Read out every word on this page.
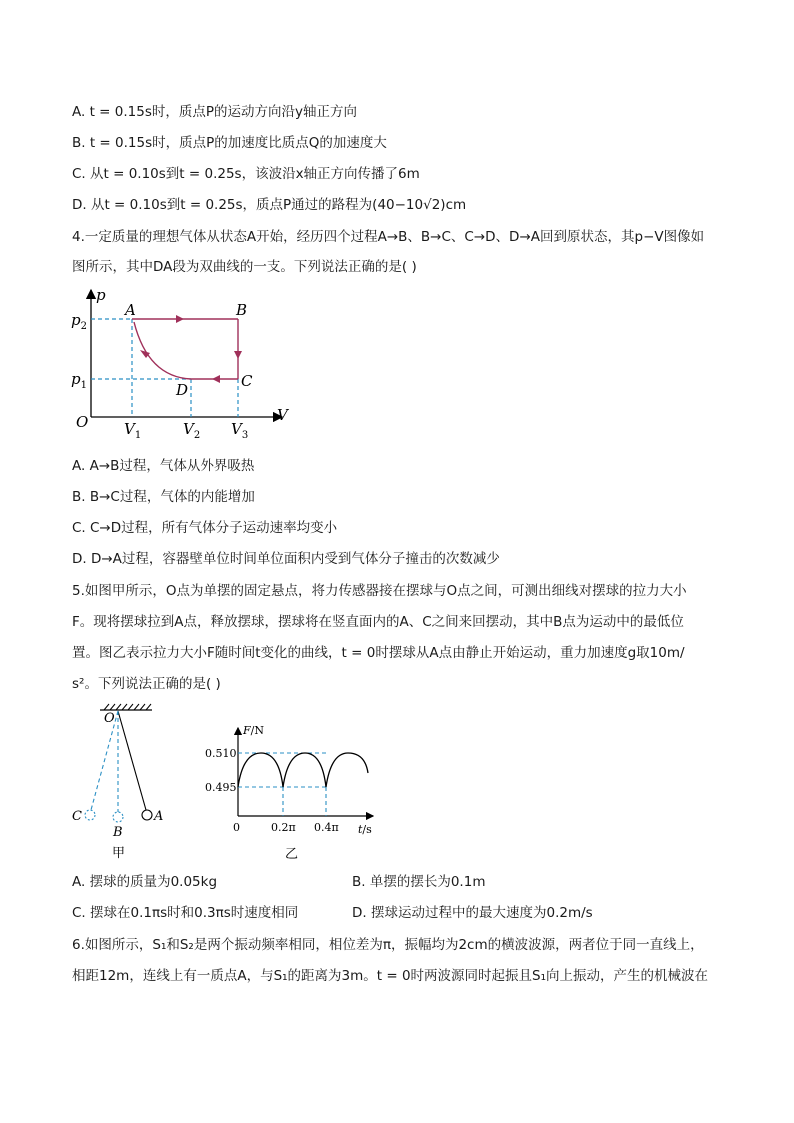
A. t = 0.15s时，质点P的运动方向沿y轴正方向
B. t = 0.15s时，质点P的加速度比质点Q的加速度大
C. 从t = 0.10s到t = 0.25s，该波沿x轴正方向传播了6m
D. 从t = 0.10s到t = 0.25s，质点P通过的路程为(40−10√2)cm
4.一定质量的理想气体从状态A开始，经历四个过程A→B、B→C、C→D、D→A回到原状态，其p−V图像如
图所示，其中DA段为双曲线的一支。下列说法正确的是( )
p
V
O
$p_2$
$p_1$
$V_1$	$V_2$ $V_3$
A	B
C
D
A. A→B过程，气体从外界吸热
B. B→C过程，气体的内能增加
C. C→D过程，所有气体分子运动速率均变小
D. D→A过程，容器壁单位时间单位面积内受到气体分子撞击的次数减少
5.如图甲所示，O点为单摆的固定悬点，将力传感器接在摆球与O点之间，可测出细线对摆球的拉力大小
F。现将摆球拉到A点，释放摆球，摆球将在竖直面内的A、C之间来回摆动，其中B点为运动中的最低位
置。图乙表示拉力大小F随时间t变化的曲线，t = 0时摆球从A点由静止开始运动，重力加速度g取10m/
s²。下列说法正确的是( )
O
A
B
C
甲
F/N
0.510
0.495
0	0.2π 0.4π t/s
乙
A. 摆球的质量为0.05kg	B. 单摆的摆长为0.1m
C. 摆球在0.1πs时和0.3πs时速度相同	D. 摆球运动过程中的最大速度为0.2m/s
6.如图所示，S₁和S₂是两个振动频率相同，相位差为π，振幅均为2cm的横波波源，两者位于同一直线上，
相距12m，连线上有一质点A，与S₁的距离为3m。t = 0时两波源同时起振且S₁向上振动，产生的机械波在
